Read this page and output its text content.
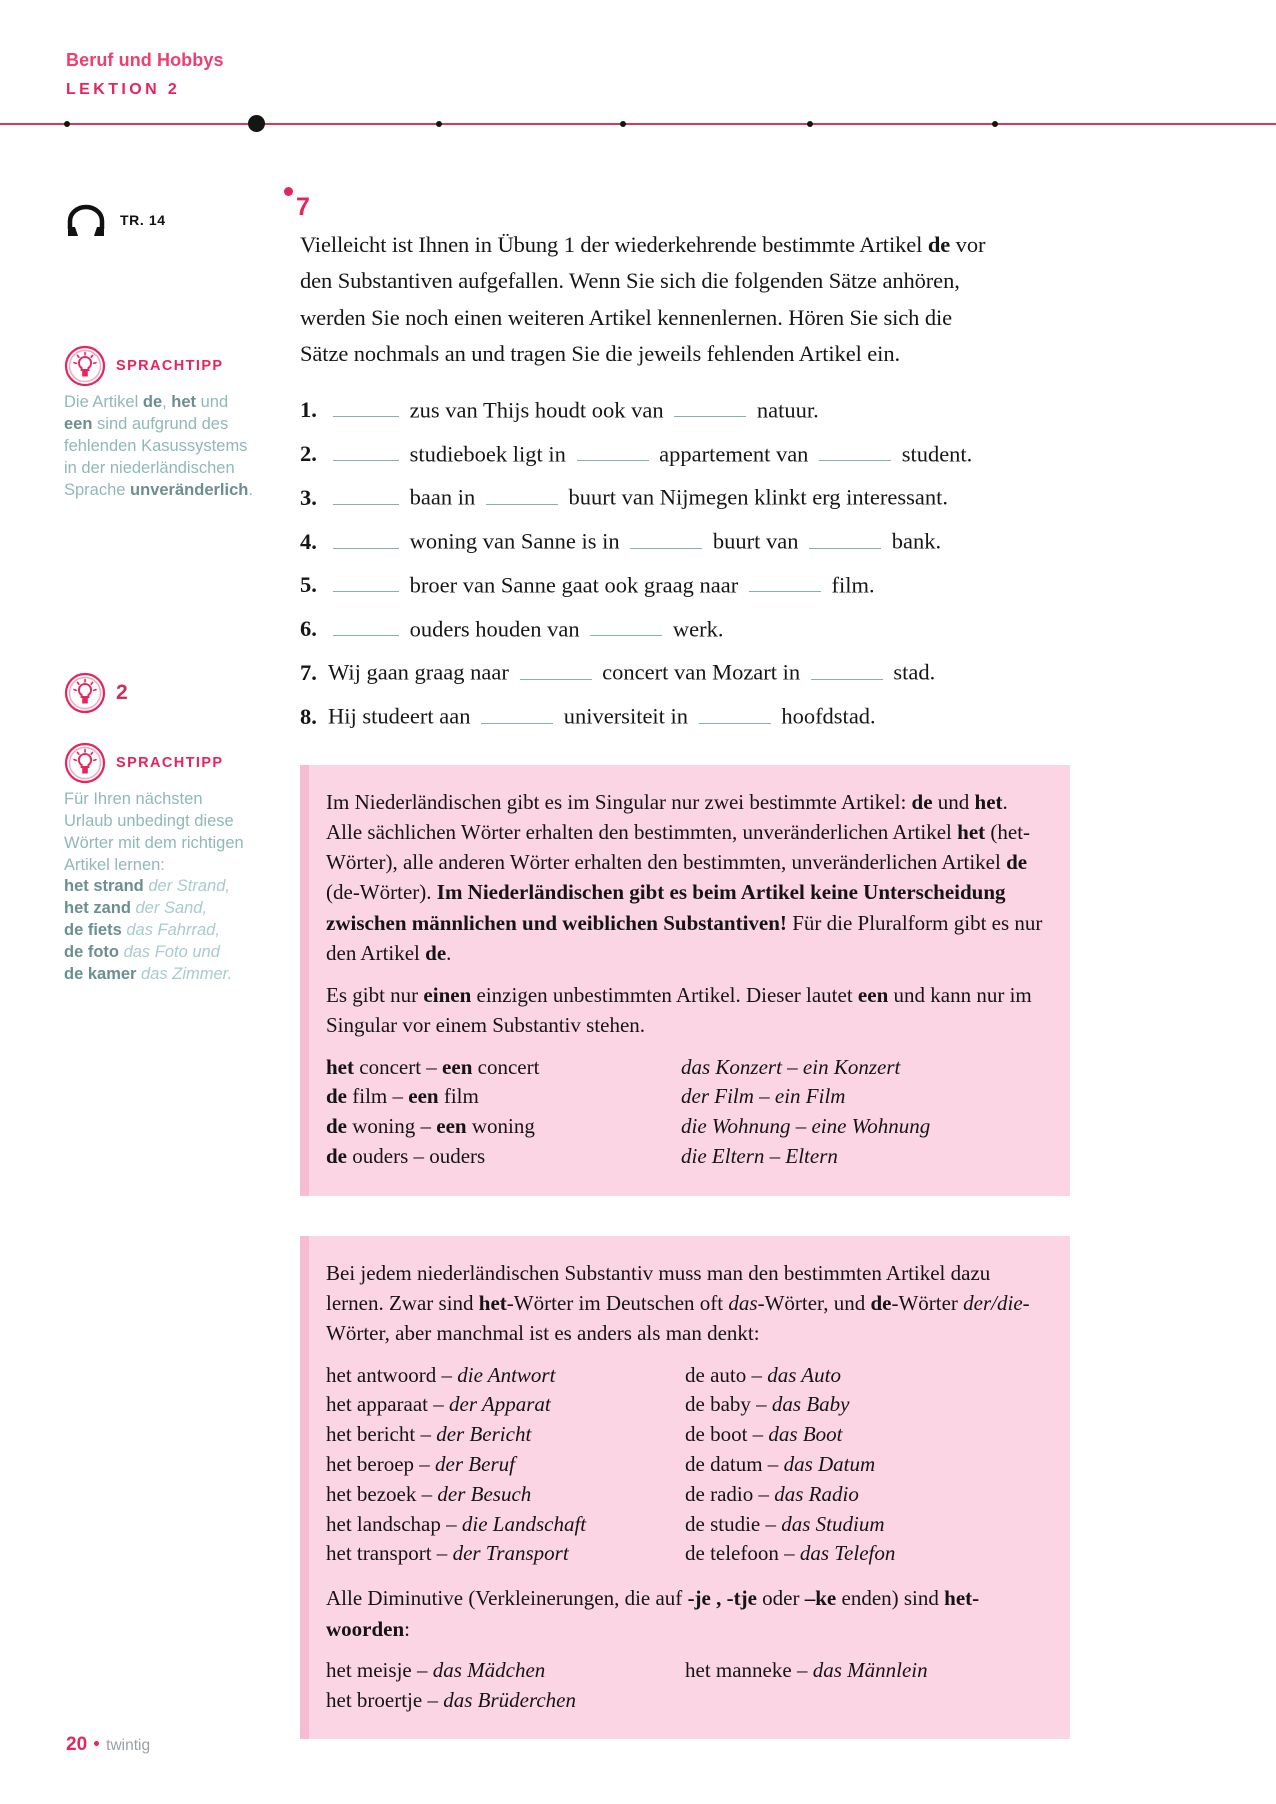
Beruf und Hobbys
LEKTION 2
TR. 14
SPRACHTIPP
Die Artikel de, het und een sind aufgrund des fehlenden Kasussystems in der niederländischen Sprache unveränderlich.
2
SPRACHTIPP
Für Ihren nächsten Urlaub unbedingt diese Wörter mit dem richtigen Artikel lernen:
het strand der Strand,
het zand der Sand,
de fiets das Fahrrad,
de foto das Foto und
de kamer das Zimmer.
7
Vielleicht ist Ihnen in Übung 1 der wiederkehrende bestimmte Artikel de vor den Substantiven aufgefallen. Wenn Sie sich die folgenden Sätze anhören, werden Sie noch einen weiteren Artikel kennenlernen. Hören Sie sich die Sätze nochmals an und tragen Sie die jeweils fehlenden Artikel ein.
1.	zus van Thijs houdt ook van	natuur.
2.	studieboek ligt in	appartement van	student.
3.	baan in	buurt van Nijmegen klinkt erg interessant.
4.	woning van Sanne is in	buurt van	bank.
5.	broer van Sanne gaat ook graag naar	film.
6.	ouders houden van	werk.
7. Wij gaan graag naar	concert van Mozart in	stad.
8. Hij studeert aan	universiteit in	hoofdstad.

Im Niederländischen gibt es im Singular nur zwei bestimmte Artikel: de und het. Alle sächlichen Wörter erhalten den bestimmten, unveränderlichen Artikel het (het-Wörter), alle anderen Wörter erhalten den bestimmten, unveränderlichen Artikel de (de-Wörter). Im Niederländischen gibt es beim Artikel keine Unterscheidung zwischen männlichen und weiblichen Substantiven! Für die Pluralform gibt es nur den Artikel de.

Es gibt nur einen einzigen unbestimmten Artikel. Dieser lautet een und kann nur im Singular vor einem Substantiv stehen.

het concert – een concert	das Konzert – ein Konzert
de film – een film	der Film – ein Film
de woning – een woning	die Wohnung – eine Wohnung
de ouders – ouders	die Eltern – Eltern

Bei jedem niederländischen Substantiv muss man den bestimmten Artikel dazu lernen. Zwar sind het-Wörter im Deutschen oft das-Wörter, und de-Wörter der/die-Wörter, aber manchmal ist es anders als man denkt:

het antwoord – die Antwort	de auto – das Auto
het apparaat – der Apparat	de baby – das Baby
het bericht – der Bericht	de boot – das Boot
het beroep – der Beruf	de datum – das Datum
het bezoek – der Besuch	de radio – das Radio
het landschap – die Landschaft	de studie – das Studium
het transport – der Transport	de telefoon – das Telefon
Alle Diminutive (Verkleinerungen, die auf -je , -tje oder –ke enden) sind het-woorden:
het meisje – das Mädchen	het manneke – das Männlein
het broertje – das Brüderchen	
20 twintig
